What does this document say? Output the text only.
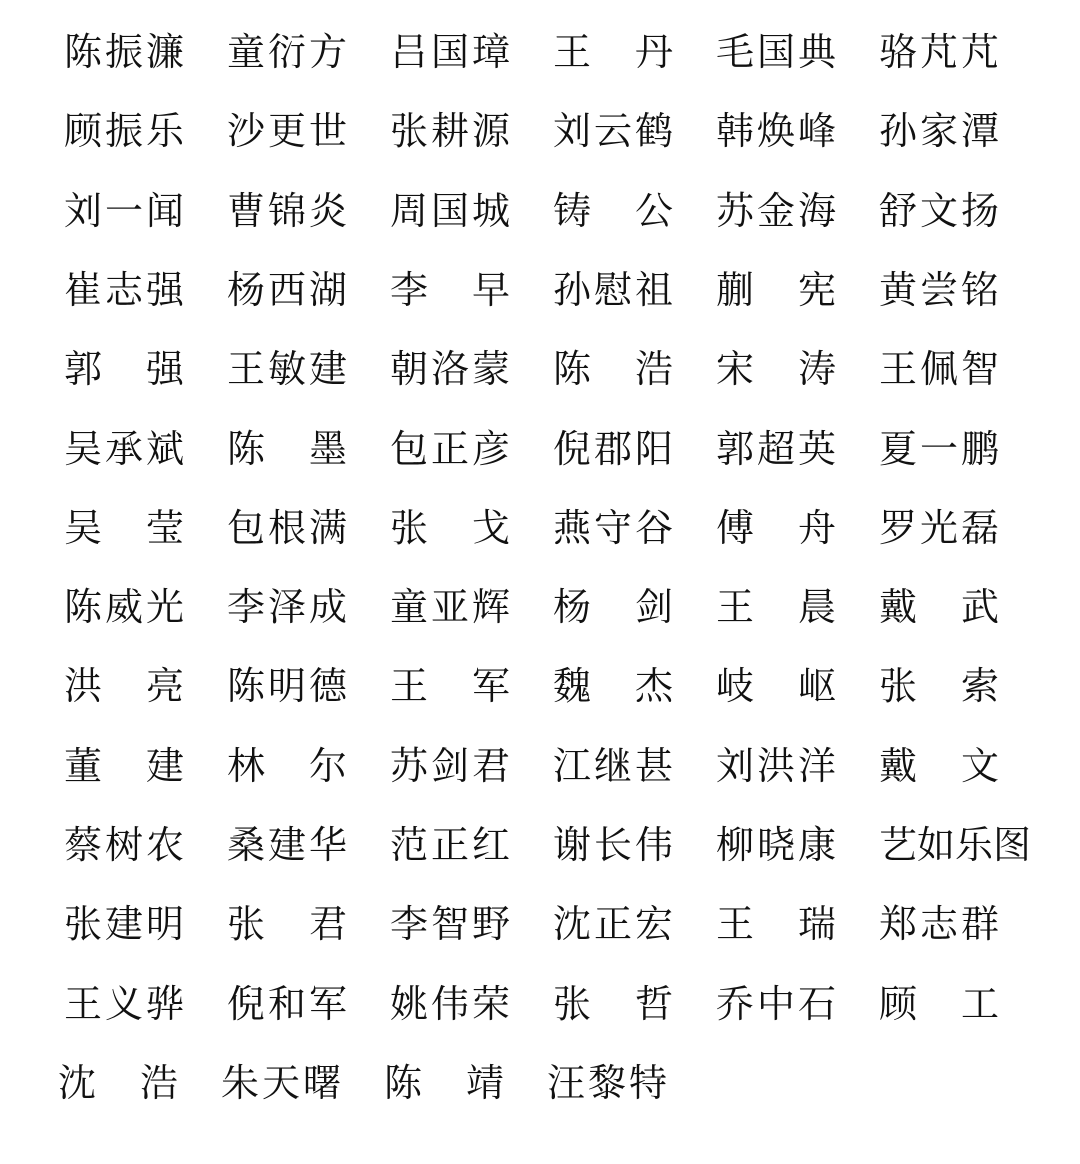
陈振濂 童衍方 吕国璋 王　丹 毛国典 骆芃芃
顾振乐 沙更世 张耕源 刘云鹤 韩焕峰 孙家潭
刘一闻 曹锦炎 周国城 铸　公 苏金海 舒文扬
崔志强 杨西湖 李　早 孙慰祖 蒯　宪 黄尝铭
郭　强 王敏建 朝洛蒙 陈　浩 宋　涛 王佩智
吴承斌 陈　墨 包正彦 倪郡阳 郭超英 夏一鹏
吴　莹 包根满 张　戈 燕守谷 傅　舟 罗光磊
陈威光 李泽成 童亚辉 杨　剑 王　晨 戴　武
洪　亮 陈明德 王　军 魏　杰 岐　岖 张　索
董　建 林　尔 苏剑君 江继甚 刘洪洋 戴　文
蔡树农 桑建华 范正红 谢长伟 柳晓康 艺如乐图
张建明 张　君 李智野 沈正宏 王　瑞 郑志群
王义骅 倪和军 姚伟荣 张　哲 乔中石 顾　工
沈　浩 朱天曙 陈　靖 汪黎特
